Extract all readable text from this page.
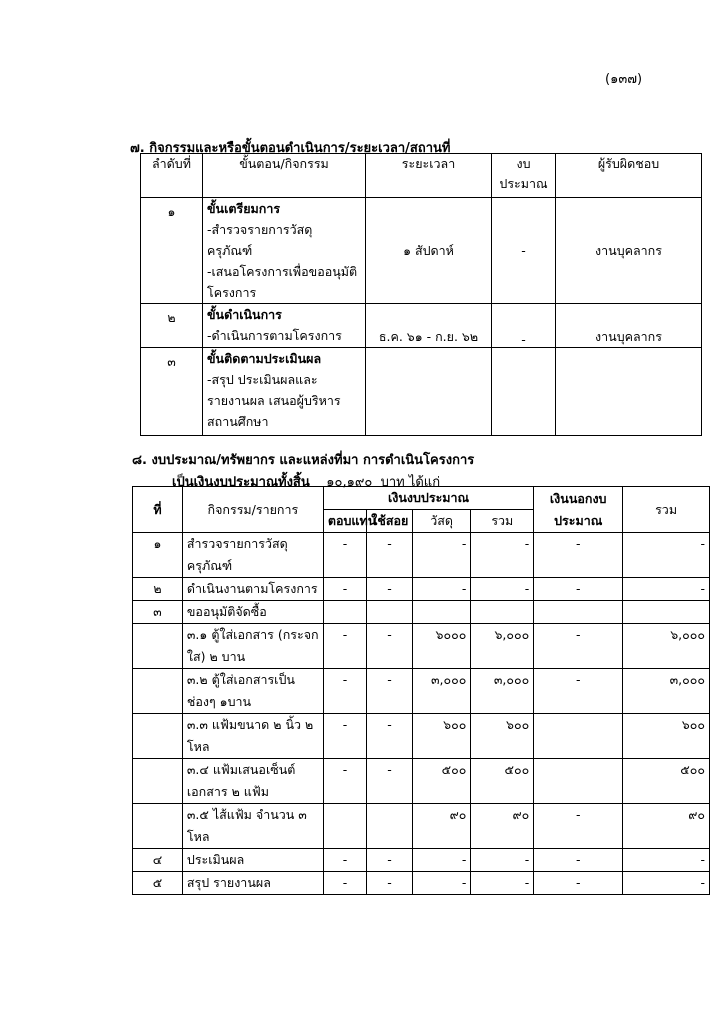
(๑๓๗)
๗. กิจกรรมและหรือขั้นตอนดำเนินการ/ระยะเวลา/สถานที่
ลำดับที่	ขั้นตอน/กิจกรรม	ระยะเวลา	งบประมาณ	ผู้รับผิดชอบ
๑	ขั้นเตรียมการ
-สำรวจรายการวัสดุ ครุภัณฑ์
-เสนอโครงการเพื่อขออนุมัติ
โครงการ	๑ สัปดาห์	-	งานบุคลากร
๒	ขั้นดำเนินการ
-ดำเนินการตามโครงการ	ธ.ค. ๖๑ - ก.ย. ๖๒	-	งานบุคลากร
๓	ขั้นติดตามประเมินผล
-สรุป ประเมินผลและ
รายงานผล เสนอผู้บริหาร
สถานศึกษา			

๘. งบประมาณ/ทรัพยากร และแหล่งที่มา การดำเนินโครงการ
เป็นเงินงบประมาณทั้งสิ้น ๑๐,๑๙๐ บาท ได้แก่
ที่	กิจกรรม/รายการ	เงินงบประมาณ				เงินนอกงบประมาณ	รวม
		ตอบแทน	ใช้สอย	วัสดุ	รวม		
๑	สำรวจรายการวัสดุครุภัณฑ์	-	-	-	-	-	-
๒	ดำเนินงานตามโครงการ	-	-	-	-	-	-
๓	ขออนุมัติจัดซื้อ						
	๓.๑ ตู้ใส่เอกสาร (กระจกใส) ๒ บาน	-	-	๖๐๐๐	๖,๐๐๐	-	๖,๐๐๐
	๓.๒ ตู้ใส่เอกสารเป็นช่องๆ ๑บาน	-	-	๓,๐๐๐	๓,๐๐๐	-	๓,๐๐๐
	๓.๓ แฟ้มขนาด ๒ นิ้ว ๒ โหล	-	-	๖๐๐	๖๐๐		๖๐๐
	๓.๔ แฟ้มเสนอเซ็นต์เอกสาร ๒ แฟ้ม	-	-	๕๐๐	๕๐๐		๕๐๐
	๓.๕ ไส้แฟ้ม จำนวน ๓ โหล			๙๐	๙๐	-	๙๐
๔	ประเมินผล	-	-	-	-	-	-
๕	สรุป รายงานผล	-	-	-	-	-	-
